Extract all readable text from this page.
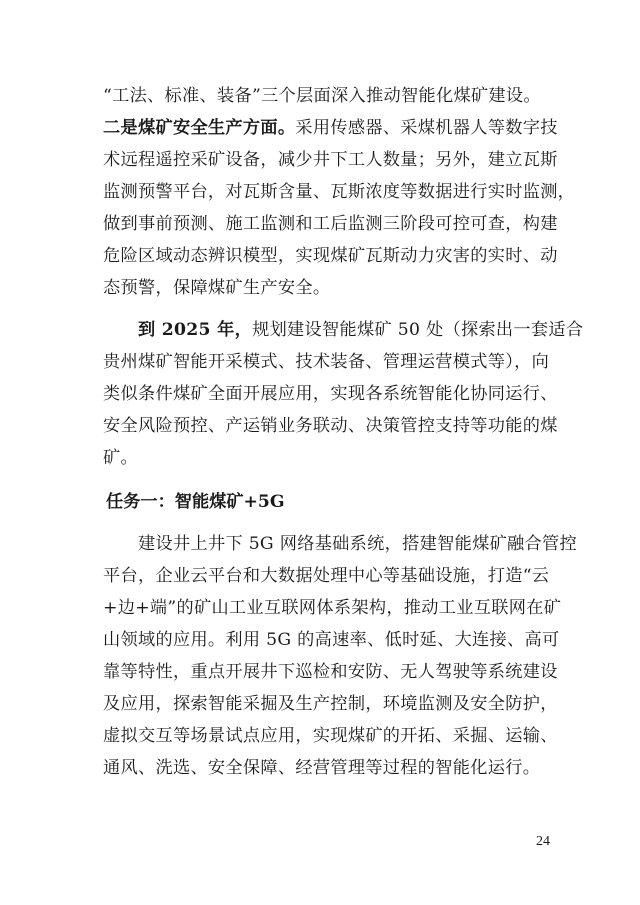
“工法、标准、装备”三个层面深入推动智能化煤矿建设。
二是煤矿安全生产方面。采用传感器、采煤机器人等数字技
术远程遥控采矿设备，减少井下工人数量；另外，建立瓦斯
监测预警平台，对瓦斯含量、瓦斯浓度等数据进行实时监测，
做到事前预测、施工监测和工后监测三阶段可控可查，构建
危险区域动态辨识模型，实现煤矿瓦斯动力灾害的实时、动
态预警，保障煤矿生产安全。
到 2025 年，规划建设智能煤矿 50 处（探索出一套适合
贵州煤矿智能开采模式、技术装备、管理运营模式等），向
类似条件煤矿全面开展应用，实现各系统智能化协同运行、
安全风险预控、产运销业务联动、决策管控支持等功能的煤
矿。
任务一：智能煤矿+5G
建设井上井下 5G 网络基础系统，搭建智能煤矿融合管控
平台，企业云平台和大数据处理中心等基础设施，打造“云
+边+端”的矿山工业互联网体系架构，推动工业互联网在矿
山领域的应用。利用 5G 的高速率、低时延、大连接、高可
靠等特性，重点开展井下巡检和安防、无人驾驶等系统建设
及应用，探索智能采掘及生产控制，环境监测及安全防护，
虚拟交互等场景试点应用，实现煤矿的开拓、采掘、运输、
通风、洗选、安全保障、经营管理等过程的智能化运行。
24
